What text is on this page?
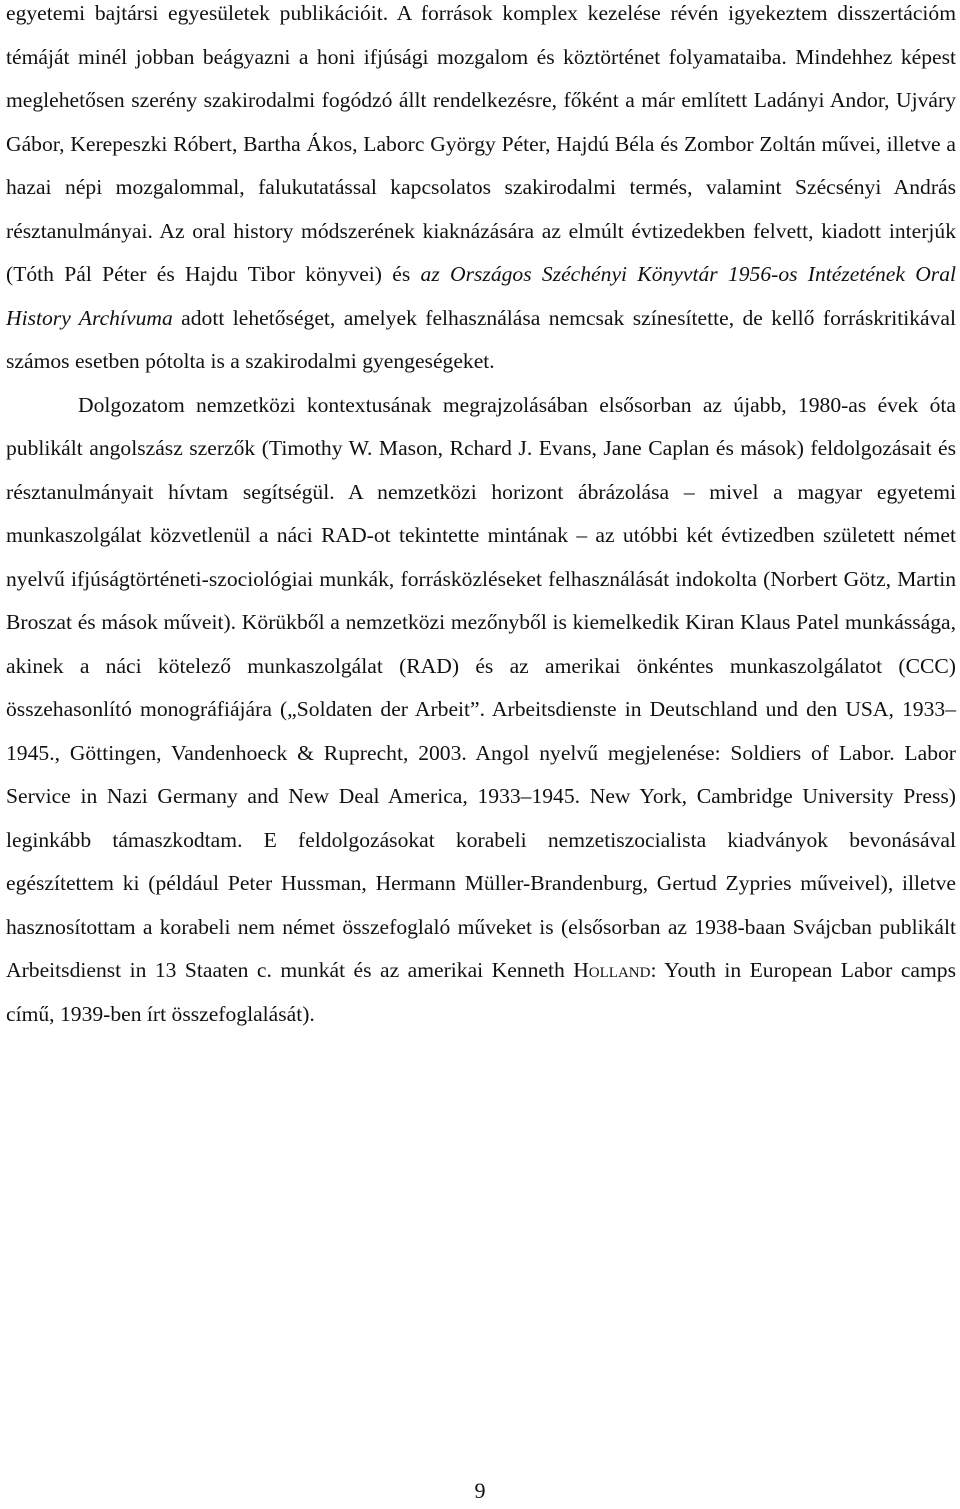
egyetemi bajtársi egyesületek publikációit. A források komplex kezelése révén igyekeztem disszertációm témáját minél jobban beágyazni a honi ifjúsági mozgalom és köztörténet folyamataiba. Mindehhez képest meglehetősen szerény szakirodalmi fogódzó állt rendelkezésre, főként a már említett Ladányi Andor, Ujváry Gábor, Kerepeszki Róbert, Bartha Ákos, Laborc György Péter, Hajdú Béla és Zombor Zoltán művei, illetve a hazai népi mozgalommal, falukutatással kapcsolatos szakirodalmi termés, valamint Szécsényi András résztanulmányai. Az oral history módszerének kiaknázására az elmúlt évtizedekben felvett, kiadott interjúk (Tóth Pál Péter és Hajdu Tibor könyvei) és az Országos Széchényi Könyvtár 1956-os Intézetének Oral History Archívuma adott lehetőséget, amelyek felhasználása nemcsak színesítette, de kellő forráskritikával számos esetben pótolta is a szakirodalmi gyengeségeket.

Dolgozatom nemzetközi kontextusának megrajzolásában elsősorban az újabb, 1980-as évek óta publikált angolszász szerzők (Timothy W. Mason, Rchard J. Evans, Jane Caplan és mások) feldolgozásait és résztanulmányait hívtam segítségül. A nemzetközi horizont ábrázolása – mivel a magyar egyetemi munkaszolgálat közvetlenül a náci RAD-ot tekintette mintának – az utóbbi két évtizedben született német nyelvű ifjúságtörténeti-szociológiai munkák, forrásközléseket felhasználását indokolta (Norbert Götz, Martin Broszat és mások műveit). Körükből a nemzetközi mezőnyből is kiemelkedik Kiran Klaus Patel munkássága, akinek a náci kötelező munkaszolgálat (RAD) és az amerikai önkéntes munkaszolgálatot (CCC) összehasonlító monográfiájára („Soldaten der Arbeit”. Arbeitsdienste in Deutschland und den USA, 1933–1945., Göttingen, Vandenhoeck & Ruprecht, 2003. Angol nyelvű megjelenése: Soldiers of Labor. Labor Service in Nazi Germany and New Deal America, 1933–1945. New York, Cambridge University Press) leginkább támaszkodtam. E feldolgozásokat korabeli nemzetiszocialista kiadványok bevonásával egészítettem ki (például Peter Hussman, Hermann Müller-Brandenburg, Gertud Zypries műveivel), illetve hasznosítottam a korabeli nem német összefoglaló műveket is (elsősorban az 1938-baan Svájcban publikált Arbeitsdienst in 13 Staaten c. munkát és az amerikai Kenneth Holland: Youth in European Labor camps című, 1939-ben írt összefoglalását).

9
